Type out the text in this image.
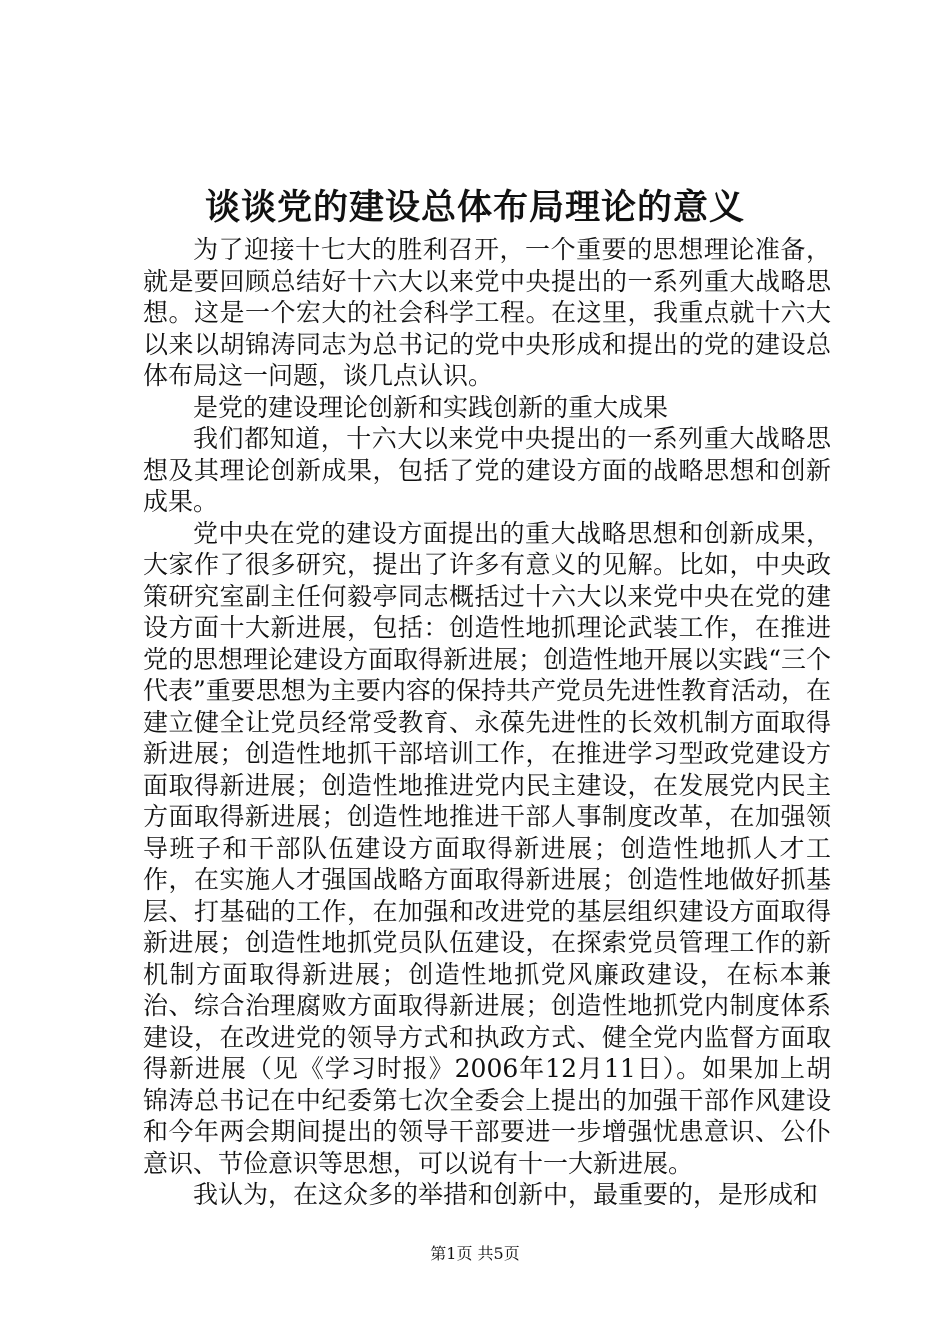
谈谈党的建设总体布局理论的意义

为了迎接十七大的胜利召开，一个重要的思想理论准备，就是要回顾总结好十六大以来党中央提出的一系列重大战略思想。这是一个宏大的社会科学工程。在这里，我重点就十六大以来以胡锦涛同志为总书记的党中央形成和提出的党的建设总体布局这一问题，谈几点认识。

是党的建设理论创新和实践创新的重大成果

我们都知道，十六大以来党中央提出的一系列重大战略思想及其理论创新成果，包括了党的建设方面的战略思想和创新成果。

党中央在党的建设方面提出的重大战略思想和创新成果，大家作了很多研究，提出了许多有意义的见解。比如，中央政策研究室副主任何毅亭同志概括过十六大以来党中央在党的建设方面十大新进展，包括：创造性地抓理论武装工作，在推进党的思想理论建设方面取得新进展；创造性地开展以实践“三个代表”重要思想为主要内容的保持共产党员先进性教育活动，在建立健全让党员经常受教育、永葆先进性的长效机制方面取得新进展；创造性地抓干部培训工作，在推进学习型政党建设方面取得新进展；创造性地推进党内民主建设，在发展党内民主方面取得新进展；创造性地推进干部人事制度改革，在加强领导班子和干部队伍建设方面取得新进展；创造性地抓人才工作，在实施人才强国战略方面取得新进展；创造性地做好抓基层、打基础的工作，在加强和改进党的基层组织建设方面取得新进展；创造性地抓党员队伍建设，在探索党员管理工作的新机制方面取得新进展；创造性地抓党风廉政建设，在标本兼治、综合治理腐败方面取得新进展；创造性地抓党内制度体系建设，在改进党的领导方式和执政方式、健全党内监督方面取得新进展（见《学习时报》2006年12月11日）。如果加上胡锦涛总书记在中纪委第七次全委会上提出的加强干部作风建设和今年两会期间提出的领导干部要进一步增强忧患意识、公仆意识、节俭意识等思想，可以说有十一大新进展。

我认为，在这众多的举措和创新中，最重要的，是形成和

第1页 共5页
